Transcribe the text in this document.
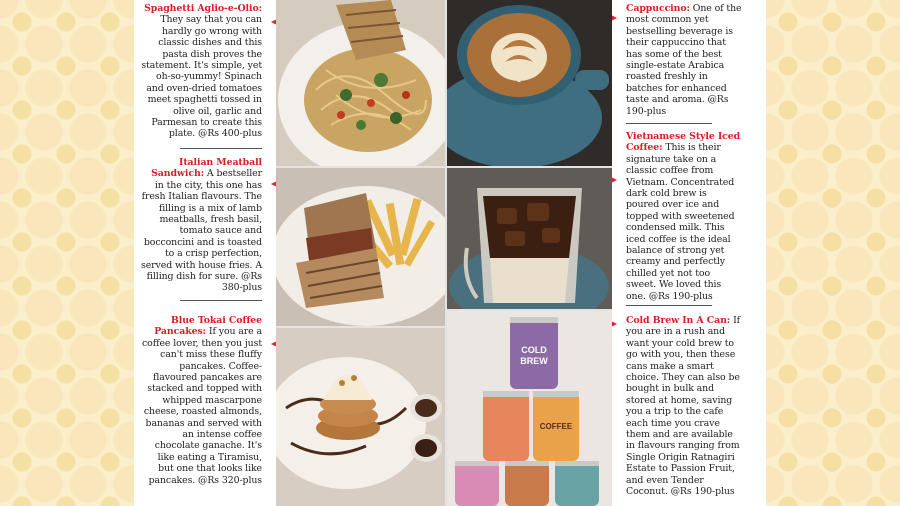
Spaghetti Aglio-e-Olio: They say that you can hardly go wrong with classic dishes and this pasta dish proves the statement. It's simple, yet oh-so-yummy! Spinach and oven-dried tomatoes meet spaghetti tossed in olive oil, garlic and Parmesan to create this plate. @Rs 400-plus
Italian Meatball Sandwich: A bestseller in the city, this one has fresh Italian flavours. The filling is a mix of lamb meatballs, fresh basil, tomato sauce and bocconcini and is toasted to a crisp perfection, served with house fries. A filling dish for sure. @Rs 380-plus
Blue Tokai Coffee Pancakes: If you are a coffee lover, then you just can't miss these fluffy pancakes. Coffee-flavoured pancakes are stacked and topped with whipped mascarpone cheese, roasted almonds, bananas and served with an intense coffee chocolate ganache. It's like eating a Tiramisu, but one that looks like pancakes. @Rs 320-plus
COLD
BREW
COFFEE
Cappuccino: One of the most common yet bestselling beverage is their cappuccino that has some of the best single-estate Arabica roasted freshly in batches for enhanced taste and aroma. @Rs 190-plus
Vietnamese Style Iced Coffee: This is their signature take on a classic coffee from Vietnam. Concentrated dark cold brew is poured over ice and topped with sweetened condensed milk. This iced coffee is the ideal balance of strong yet creamy and perfectly chilled yet not too sweet. We loved this one. @Rs 190-plus
Cold Brew In A Can: If you are in a rush and want your cold brew to go with you, then these cans make a smart choice. They can also be bought in bulk and stored at home, saving you a trip to the cafe each time you crave them and are available in flavours ranging from Single Origin Ratnagiri Estate to Passion Fruit, and even Tender Coconut. @Rs 190-plus
